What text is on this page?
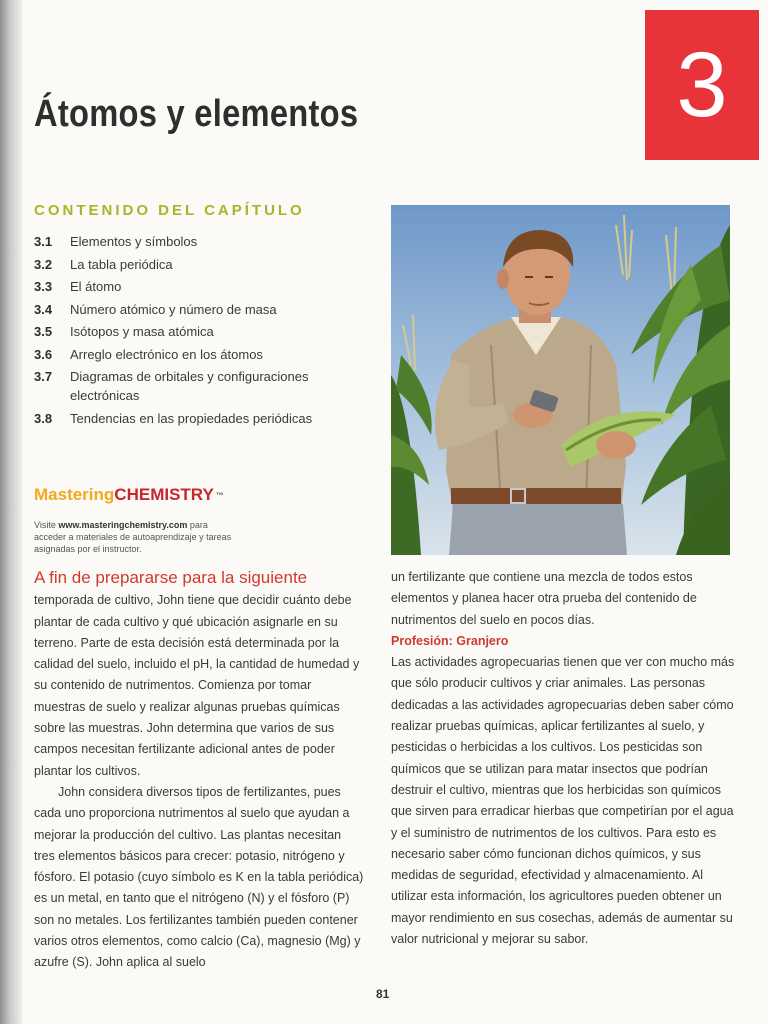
3
Átomos y elementos
CONTENIDO DEL CAPÍTULO
3.1	Elementos y símbolos
3.2	La tabla periódica
3.3	El átomo
3.4	Número atómico y número de masa
3.5	Isótopos y masa atómica
3.6	Arreglo electrónico en los átomos
3.7	Diagramas de orbitales y configuraciones electrónicas
3.8	Tendencias en las propiedades periódicas
Mastering CHEMISTRY ™
Visite www.masteringchemistry.com para acceder a materiales de autoaprendizaje y tareas asignadas por el instructor.

A fin de prepararse para la siguiente temporada de cultivo, John tiene que decidir cuánto debe plantar de cada cultivo y qué ubicación asignarle en su terreno. Parte de esta decisión está determinada por la calidad del suelo, incluido el pH, la cantidad de humedad y su contenido de nutrimentos. Comienza por tomar muestras de suelo y realizar algunas pruebas químicas sobre las muestras. John determina que varios de sus campos necesitan fertilizante adicional antes de poder plantar los cultivos.

John considera diversos tipos de fertilizantes, pues cada uno proporciona nutrimentos al suelo que ayudan a mejorar la producción del cultivo. Las plantas necesitan tres elementos básicos para crecer: potasio, nitrógeno y fósforo. El potasio (cuyo símbolo es K en la tabla periódica) es un metal, en tanto que el nitrógeno (N) y el fósforo (P) son no metales. Los fertilizantes también pueden contener varios otros elementos, como calcio (Ca), magnesio (Mg) y azufre (S). John aplica al suelo

un fertilizante que contiene una mezcla de todos estos elementos y planea hacer otra prueba del contenido de nutrimentos del suelo en pocos días.

Profesión: Granjero

Las actividades agropecuarias tienen que ver con mucho más que sólo producir cultivos y criar animales. Las personas dedicadas a las actividades agropecuarias deben saber cómo realizar pruebas químicas, aplicar fertilizantes al suelo, y pesticidas o herbicidas a los cultivos. Los pesticidas son químicos que se utilizan para matar insectos que podrían destruir el cultivo, mientras que los herbicidas son químicos que sirven para erradicar hierbas que competirían por el agua y el suministro de nutrimentos de los cultivos. Para esto es necesario saber cómo funcionan dichos químicos, y sus medidas de seguridad, efectividad y almacenamiento. Al utilizar esta información, los agricultores pueden obtener un mayor rendimiento en sus cosechas, además de aumentar su valor nutricional y mejorar su sabor.

81
